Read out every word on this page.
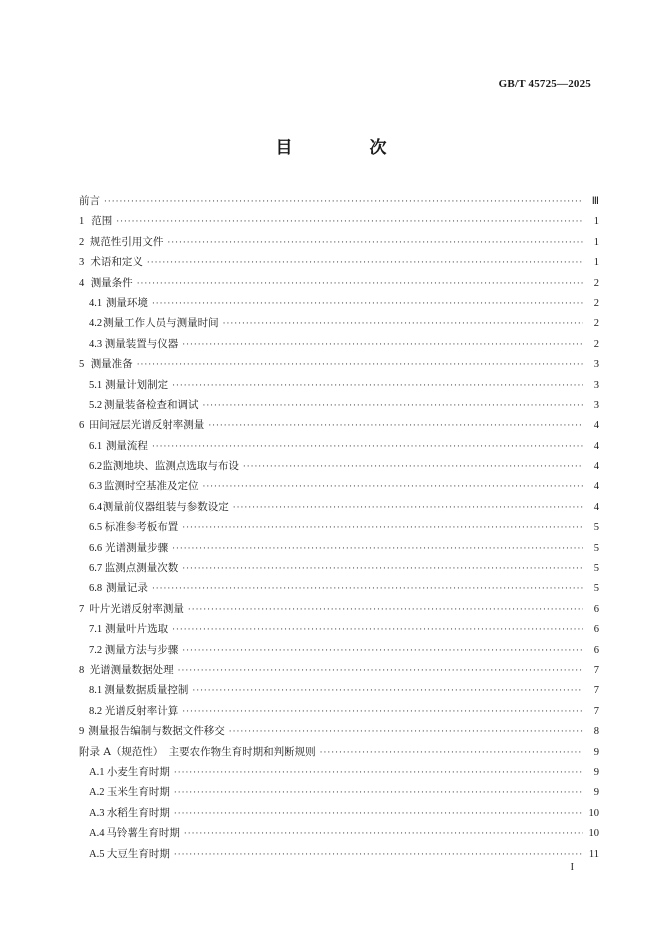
GB/T 45725—2025
目　次
前言 ·····	Ⅲ
1 范围 ·····	1
2 规范性引用文件 ·····	1
3 术语和定义 ·····	1
4 测量条件 ·····	2
4.1 测量环境 ·····	2
4.2 测量工作人员与测量时间 ·····	2
4.3 测量装置与仪器 ·····	2
5 测量准备 ·····	3
5.1 测量计划制定 ·····	3
5.2 测量装备检查和调试 ·····	3
6 田间冠层光谱反射率测量 ·····	4
6.1 测量流程 ·····	4
6.2 监测地块、监测点选取与布设 ·····	4
6.3 监测时空基准及定位 ·····	4
6.4 测量前仪器组装与参数设定 ·····	4
6.5 标准参考板布置 ·····	5
6.6 光谱测量步骤 ·····	5
6.7 监测点测量次数 ·····	5
6.8 测量记录 ·····	5
7 叶片光谱反射率测量 ·····	6
7.1 测量叶片选取 ·····	6
7.2 测量方法与步骤 ·····	6
8 光谱测量数据处理 ·····	7
8.1 测量数据质量控制 ·····	7
8.2 光谱反射率计算 ·····	7
9 测量报告编制与数据文件移交 ·····	8
附录 A（规范性）　主要农作物生育时期和判断规则 ·····	9
A.1 小麦生育时期 ·····	9
A.2 玉米生育时期 ·····	9
A.3 水稻生育时期 ·····	10
A.4 马铃薯生育时期 ·····	10
A.5 大豆生育时期 ·····	11
I
